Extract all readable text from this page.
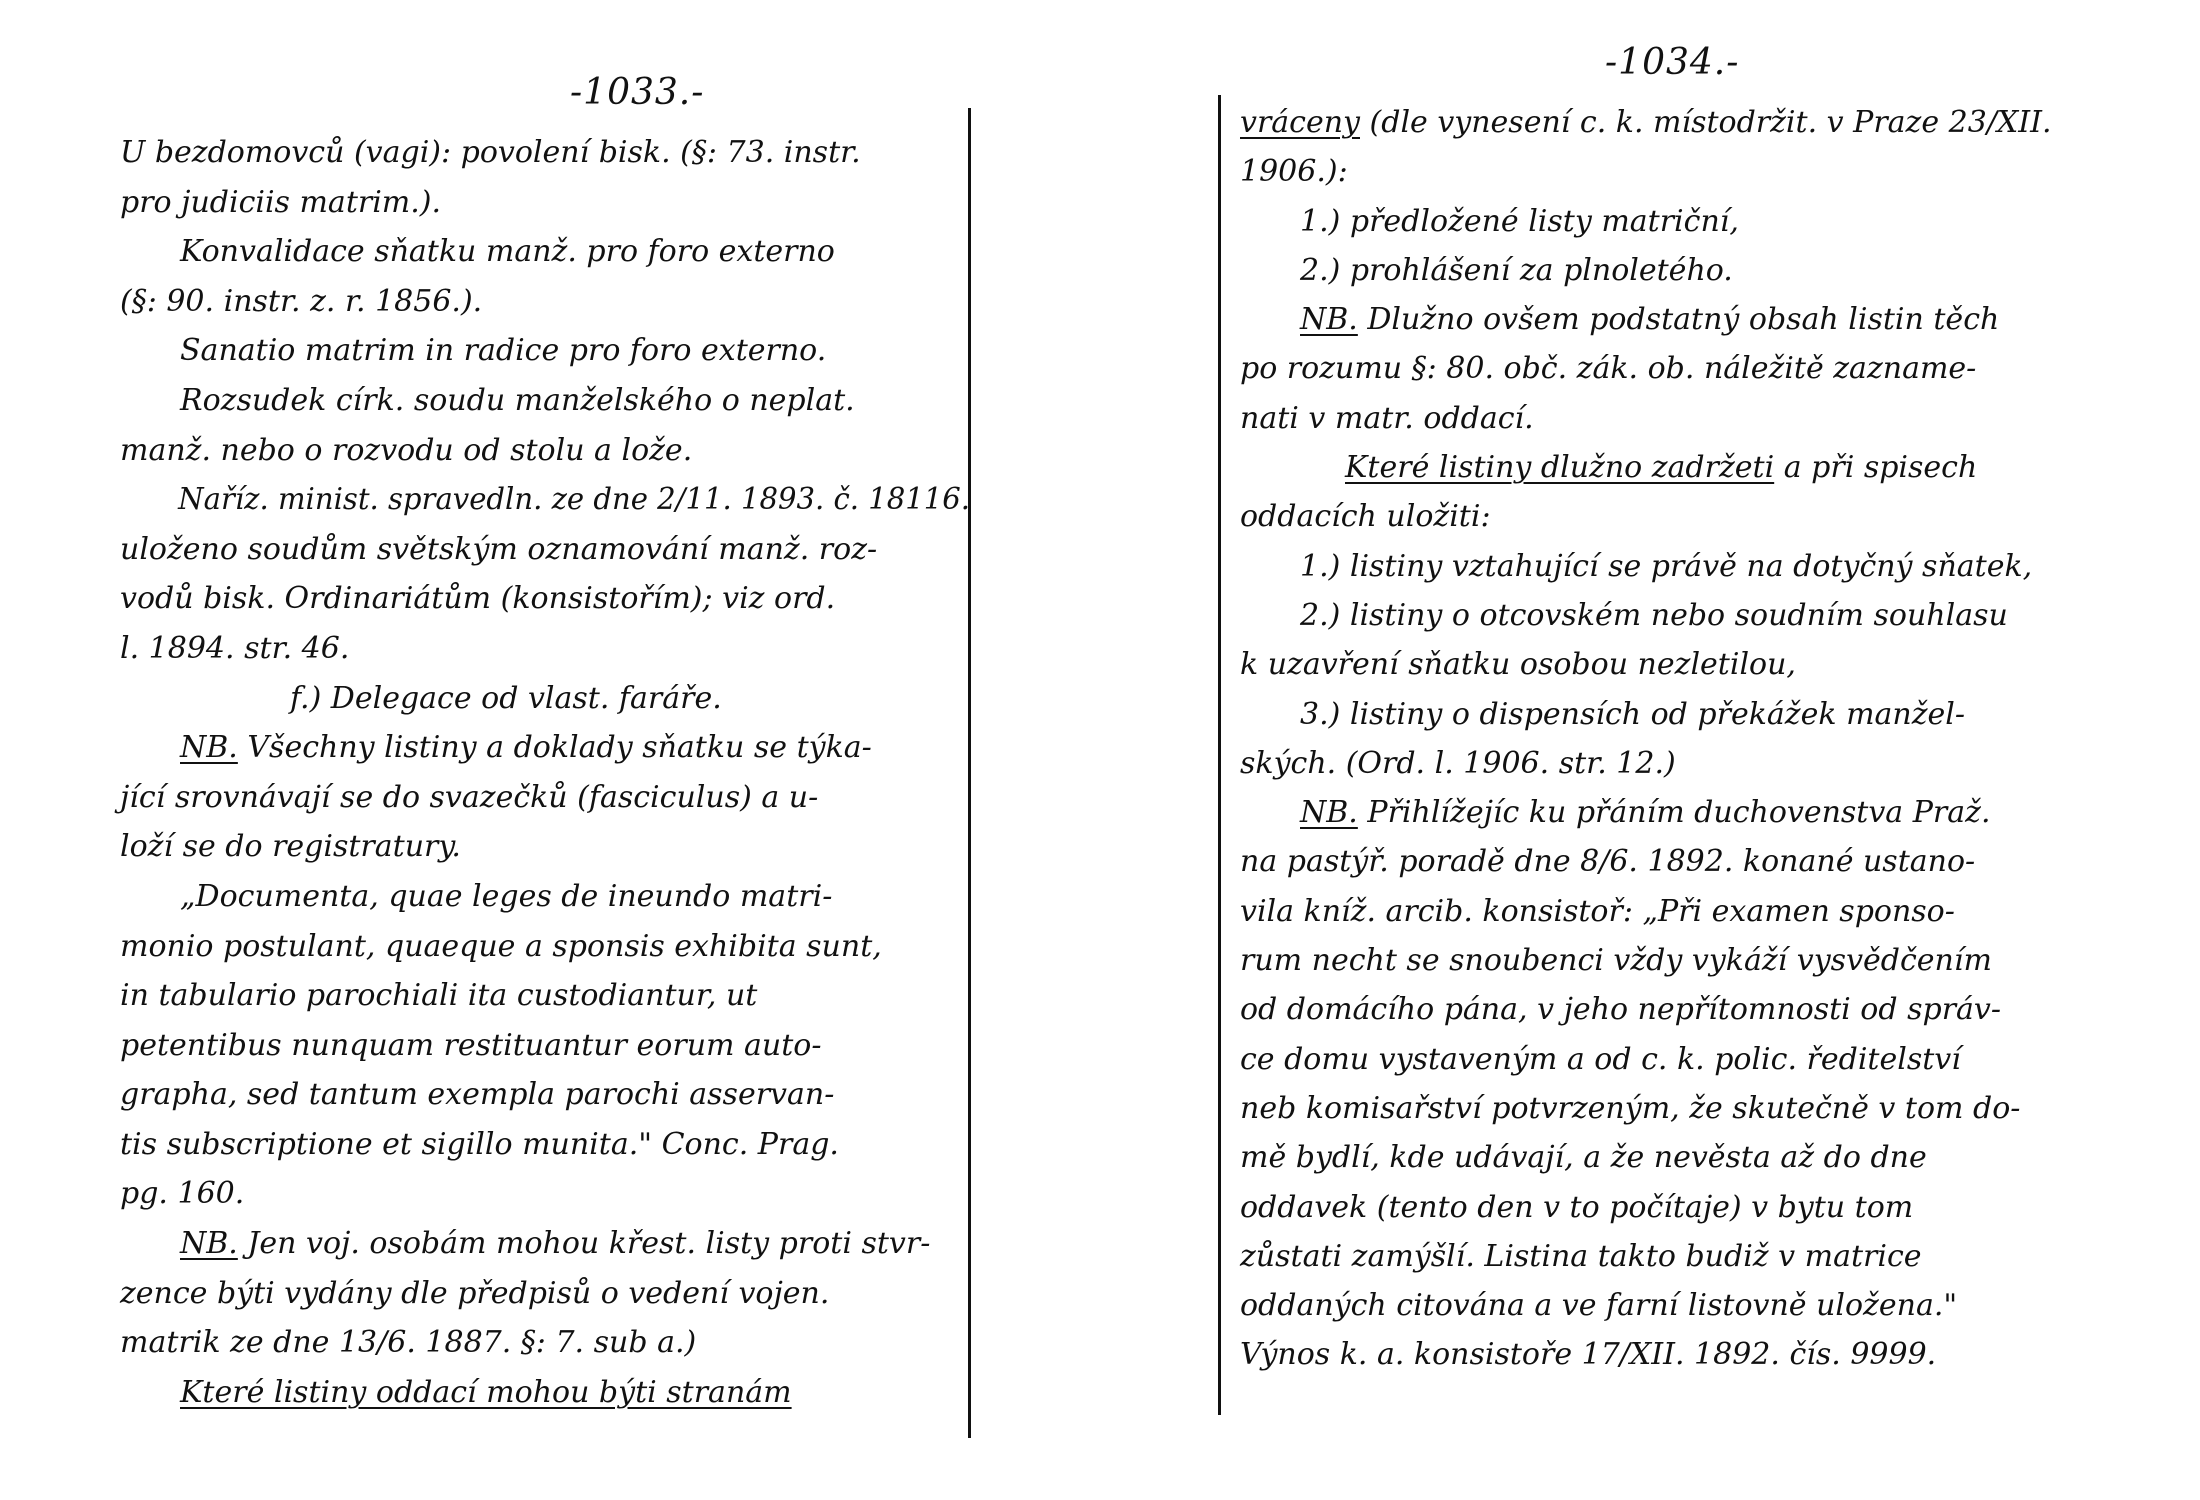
-1033.-
U bezdomovců (vagi): povolení bisk. (§: 73. instr.
pro judiciis matrim.).
Konvalidace sňatku manž. pro foro externo
(§: 90. instr. z. r. 1856.).
Sanatio matrim in radice pro foro externo.
Rozsudek círk. soudu manželského o neplat.
manž. nebo o rozvodu od stolu a lože.
Naříz. minist. spravedln. ze dne 2/11. 1893. č. 18116.
uloženo soudům světským oznamování manž. roz-
vodů bisk. Ordinariátům (konsistořím); viz ord.
l. 1894. str. 46.
f.) Delegace od vlast. faráře.
NB. Všechny listiny a doklady sňatku se týka-
jící srovnávají se do svazečků (fasciculus) a u-
loží se do registratury.
„Documenta, quae leges de ineundo matri-
monio postulant, quaeque a sponsis exhibita sunt,
in tabulario parochiali ita custodiantur, ut
petentibus nunquam restituantur eorum auto-
grapha, sed tantum exempla parochi asservan-
tis subscriptione et sigillo munita." Conc. Prag.
pg. 160.
NB. Jen voj. osobám mohou křest. listy proti stvr-
zence býti vydány dle předpisů o vedení vojen.
matrik ze dne 13/6. 1887. §: 7. sub a.)
Které listiny oddací mohou býti stranám
-1034.-
vráceny (dle vynesení c. k. místodržit. v Praze 23/XII.
1906.):
1.) předložené listy matriční,
2.) prohlášení za plnoletého.
NB. Dlužno ovšem podstatný obsah listin těch
po rozumu §: 80. obč. zák. ob. náležitě zazname-
nati v matr. oddací.
Které listiny dlužno zadržeti a při spisech
oddacích uložiti:
1.) listiny vztahující se právě na dotyčný sňatek,
2.) listiny o otcovském nebo soudním souhlasu
k uzavření sňatku osobou nezletilou,
3.) listiny o dispensích od překážek manžel-
ských. (Ord. l. 1906. str. 12.)
NB. Přihlížejíc ku přáním duchovenstva Praž.
na pastýř. poradě dne 8/6. 1892. konané ustano-
vila kníž. arcib. konsistoř: „Při examen sponso-
rum necht se snoubenci vždy vykáží vysvědčením
od domácího pána, v jeho nepřítomnosti od správ-
ce domu vystaveným a od c. k. polic. ředitelství
neb komisařství potvrzeným, že skutečně v tom do-
mě bydlí, kde udávají, a že nevěsta až do dne
oddavek (tento den v to počítaje) v bytu tom
zůstati zamýšlí. Listina takto budiž v matrice
oddaných citována a ve farní listovně uložena."
Výnos k. a. konsistoře 17/XII. 1892. čís. 9999.
